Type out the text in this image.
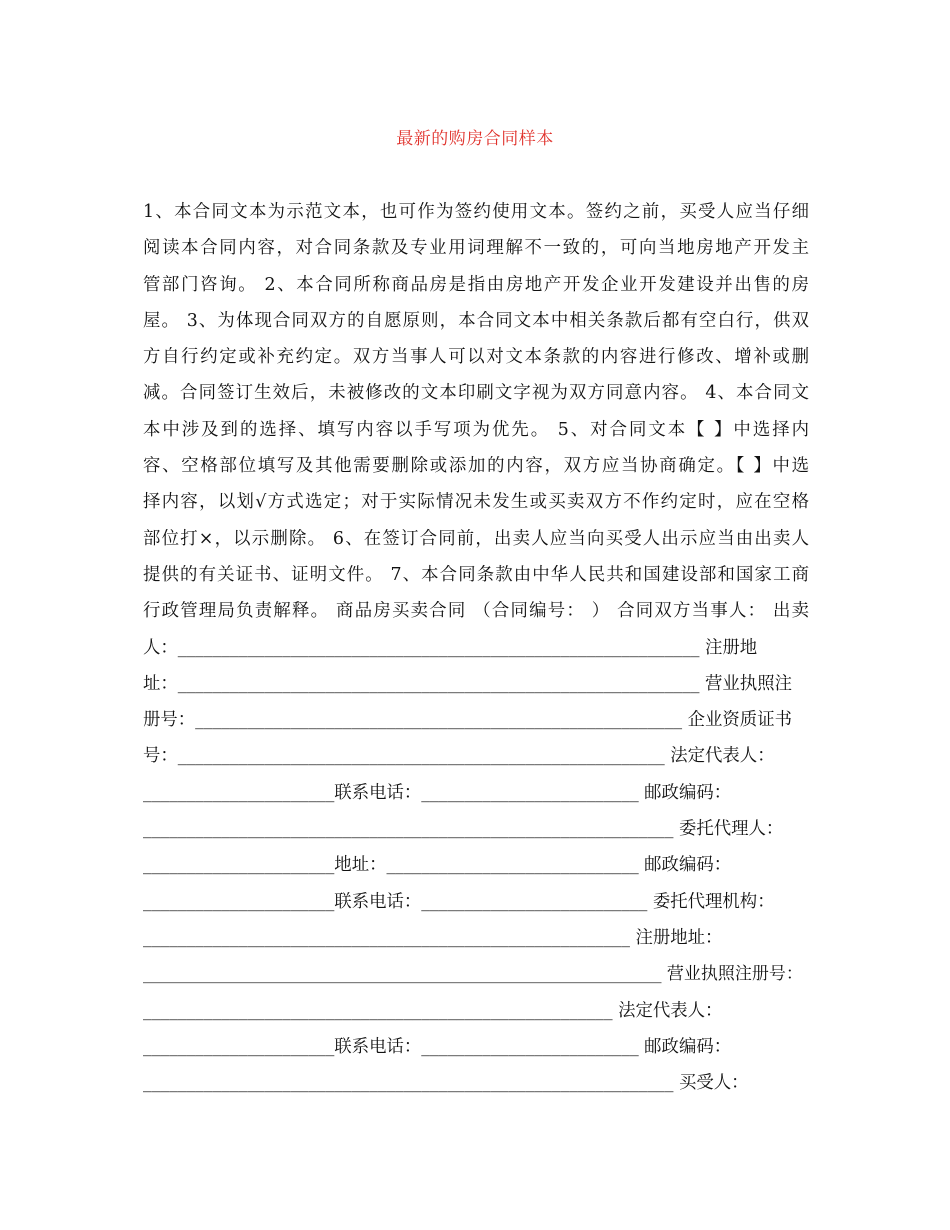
最新的购房合同样本
1、本合同文本为示范文本，也可作为签约使用文本。签约之前，买受人应当仔细
阅读本合同内容，对合同条款及专业用词理解不一致的，可向当地房地产开发主
管部门咨询。 2、本合同所称商品房是指由房地产开发企业开发建设并出售的房
屋。 3、为体现合同双方的自愿原则，本合同文本中相关条款后都有空白行，供双
方自行约定或补充约定。双方当事人可以对文本条款的内容进行修改、增补或删
减。合同签订生效后，未被修改的文本印刷文字视为双方同意内容。 4、本合同文
本中涉及到的选择、填写内容以手写项为优先。 5、对合同文本【 】中选择内
容、空格部位填写及其他需要删除或添加的内容，双方应当协商确定。【 】中选
择内容，以划√方式选定；对于实际情况未发生或买卖双方不作约定时，应在空格
部位打×，以示删除。 6、在签订合同前，出卖人应当向买受人出示应当由出卖人
提供的有关证书、证明文件。 7、本合同条款由中华人民共和国建设部和国家工商
行政管理局负责解释。 商品房买卖合同 （合同编号： ） 合同双方当事人： 出卖
人：____________________________________________________________ 注册地
址：____________________________________________________________ 营业执照注
册号：________________________________________________________ 企业资质证书
号：________________________________________________________ 法定代表人：
______________________联系电话：_________________________ 邮政编码：
_____________________________________________________________ 委托代理人：
______________________地址：_____________________________ 邮政编码：
______________________联系电话：__________________________ 委托代理机构：
________________________________________________________ 注册地址：
_____________________________________________________________ 营业执照注册号：
______________________________________________________ 法定代表人：
______________________联系电话：_________________________ 邮政编码：
_____________________________________________________________ 买受人：
